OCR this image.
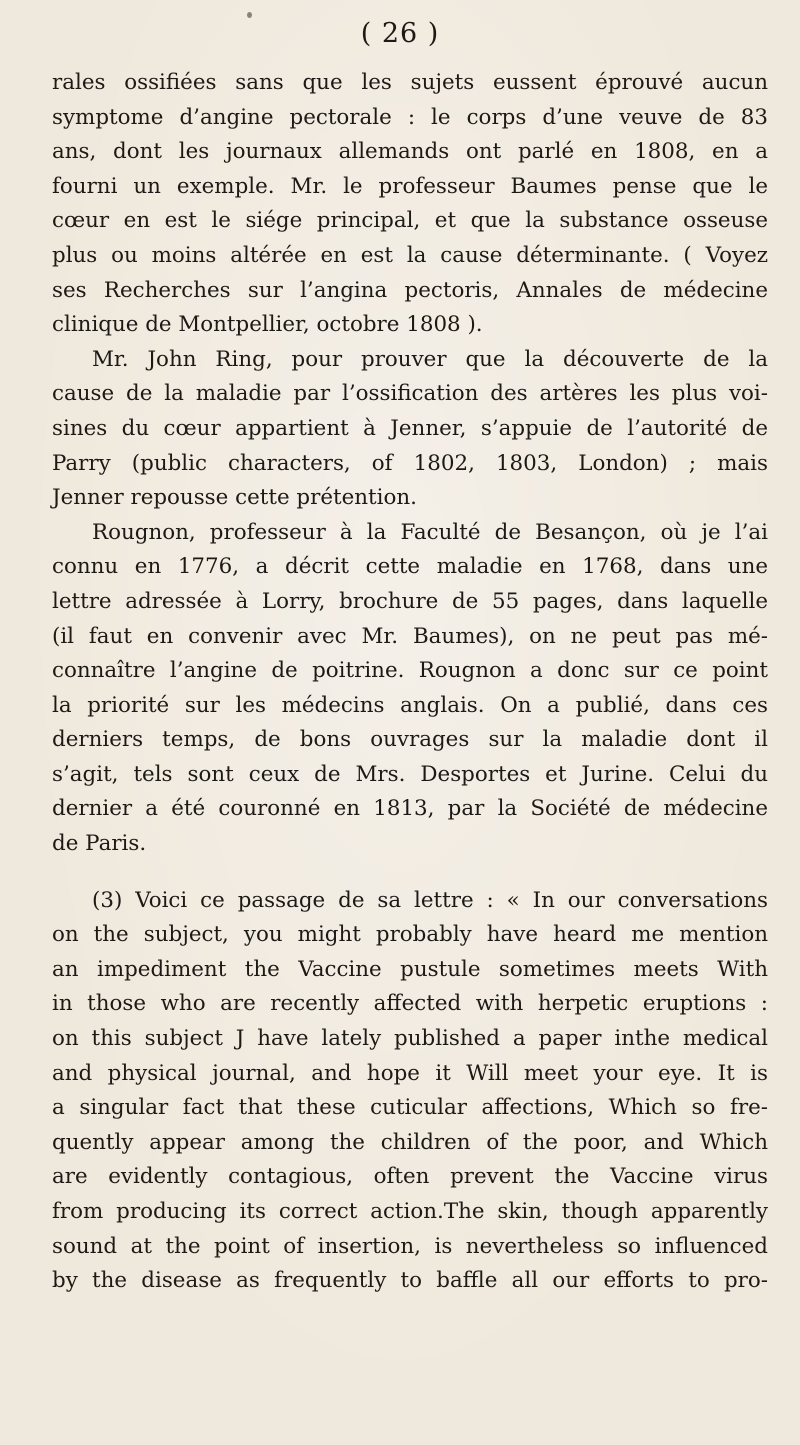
( 26 )

rales ossifiées sans que les sujets eussent éprouvé aucun
symptome d’angine pectorale : le corps d’une veuve de 83
ans, dont les journaux allemands ont parlé en 1808, en a
fourni un exemple. Mr. le professeur Baumes pense que le
cœur en est le siége principal, et que la substance osseuse
plus ou moins altérée en est la cause déterminante. ( Voyez
ses Recherches sur l’angina pectoris, Annales de médecine
clinique de Montpellier, octobre 1808 ).

Mr. John Ring, pour prouver que la découverte de la
cause de la maladie par l’ossification des artères les plus voi-
sines du cœur appartient à Jenner, s’appuie de l’autorité de
Parry (public characters, of 1802, 1803, London) ; mais
Jenner repousse cette prétention.

Rougnon, professeur à la Faculté de Besançon, où je l’ai
connu en 1776, a décrit cette maladie en 1768, dans une
lettre adressée à Lorry, brochure de 55 pages, dans laquelle
(il faut en convenir avec Mr. Baumes), on ne peut pas mé-
connaître l’angine de poitrine. Rougnon a donc sur ce point
la priorité sur les médecins anglais. On a publié, dans ces
derniers temps, de bons ouvrages sur la maladie dont il
s’agit, tels sont ceux de Mrs. Desportes et Jurine. Celui du
dernier a été couronné en 1813, par la Société de médecine
de Paris.

(3) Voici ce passage de sa lettre : « In our conversations
on the subject, you might probably have heard me mention
an impediment the Vaccine pustule sometimes meets With
in those who are recently affected with herpetic eruptions :
on this subject J have lately published a paper inthe medical
and physical journal, and hope it Will meet your eye. It is
a singular fact that these cuticular affections, Which so fre-
quently appear among the children of the poor, and Which
are evidently contagious, often prevent the Vaccine virus
from producing its correct action.The skin, though apparently
sound at the point of insertion, is nevertheless so influenced
by the disease as frequently to baffle all our efforts to pro-
